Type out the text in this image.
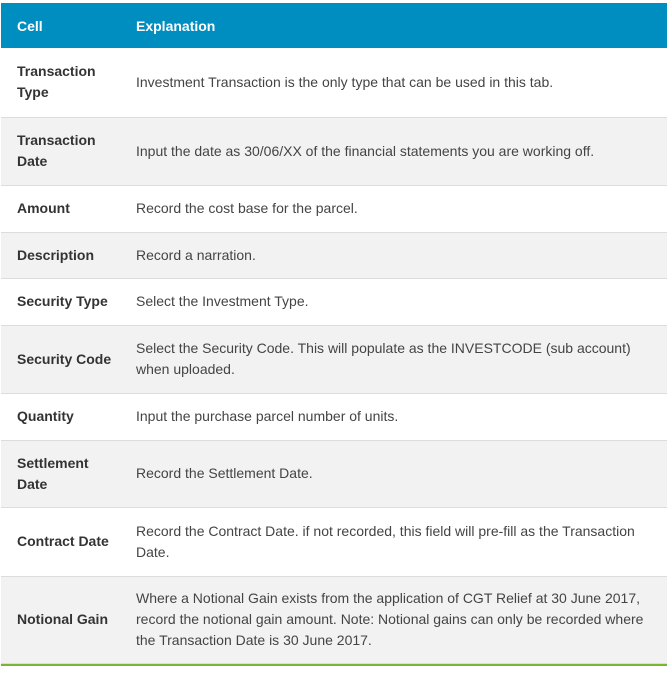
Cell	Explanation
Transaction Type	Investment Transaction is the only type that can be used in this tab.
Transaction Date	Input the date as 30/06/XX of the financial statements you are working off.
Amount	Record the cost base for the parcel.
Description	Record a narration.
Security Type	Select the Investment Type.
Security Code	Select the Security Code. This will populate as the INVESTCODE (sub account) when uploaded.
Quantity	Input the purchase parcel number of units.
Settlement Date	Record the Settlement Date.
Contract Date	Record the Contract Date. if not recorded, this field will pre-fill as the Transaction Date.
Notional Gain	Where a Notional Gain exists from the application of CGT Relief at 30 June 2017, record the notional gain amount. Note: Notional gains can only be recorded where the Transaction Date is 30 June 2017.
